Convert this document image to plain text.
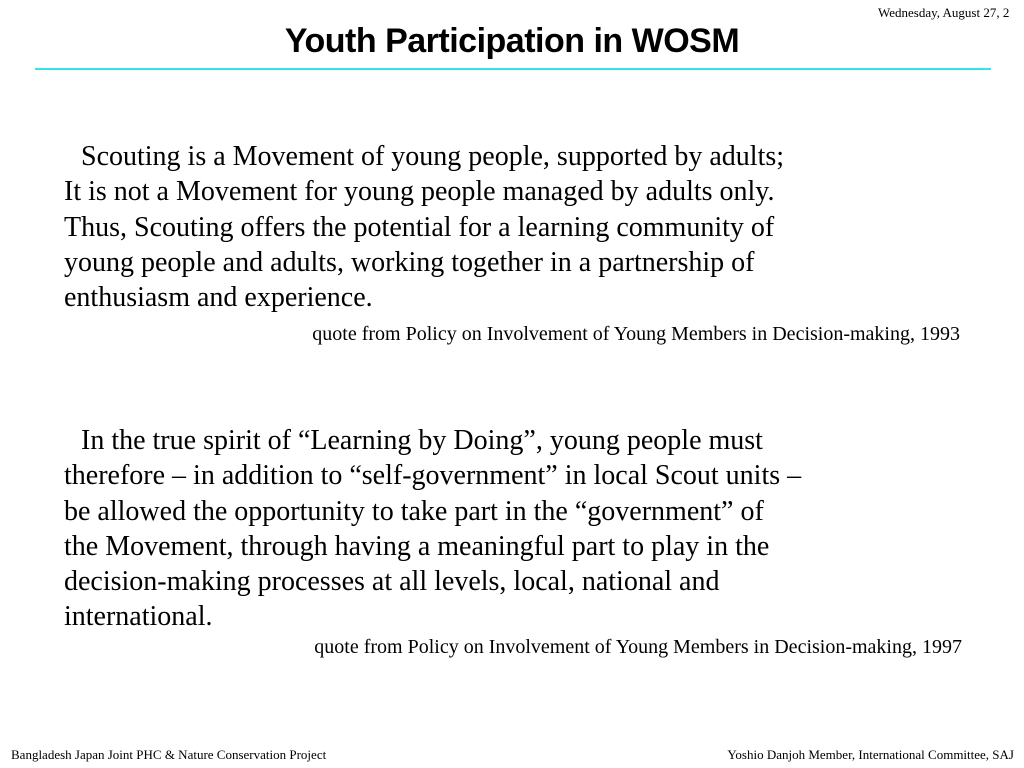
Wednesday, August 27, 2
Youth Participation in WOSM

Scouting is a Movement of young people, supported by adults;
It is not a Movement for young people managed by adults only.
Thus, Scouting offers the potential for a learning community of
young people and adults, working together in a partnership of
enthusiasm and experience.

quote from Policy on Involvement of Young Members in Decision-making, 1993

In the true spirit of “Learning by Doing”, young people must
therefore – in addition to “self-government” in local Scout units –
be allowed the opportunity to take part in the “government” of
the Movement, through having a meaningful part to play in the
decision-making processes at all levels, local, national and
international.

quote from Policy on Involvement of Young Members in Decision-making, 1997

Bangladesh Japan Joint PHC & Nature Conservation Project	Yoshio Danjoh Member, International Committee, SAJ
